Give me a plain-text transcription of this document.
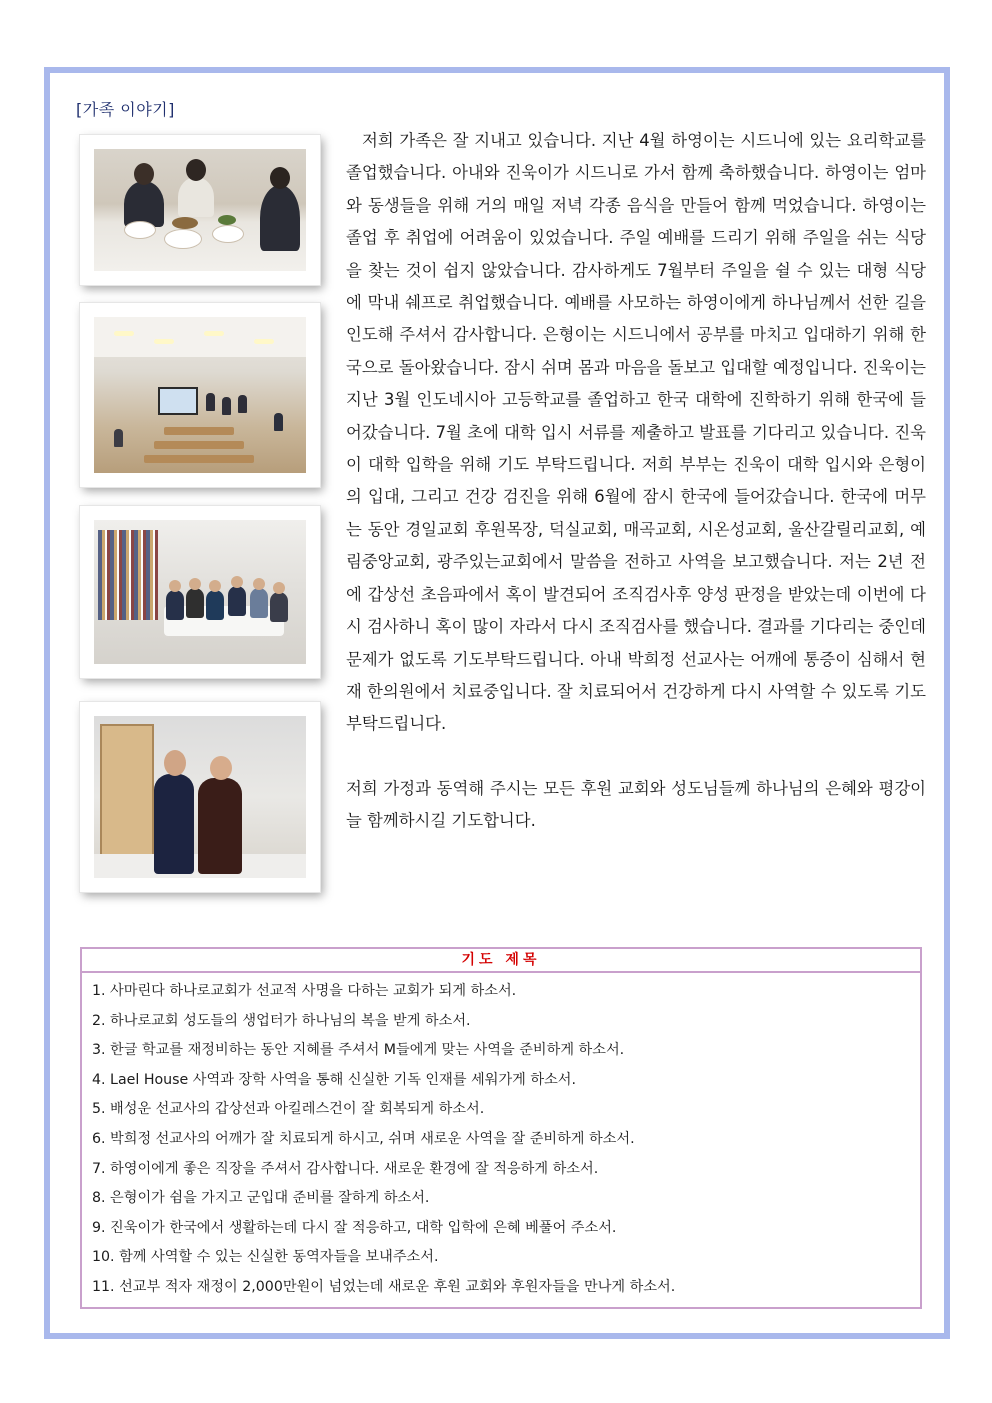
[가족 이야기]

저희 가족은 잘 지내고 있습니다. 지난 4월 하영이는 시드니에 있는 요리학교를 졸업했습니다. 아내와 진욱이가 시드니로 가서 함께 축하했습니다. 하영이는 엄마와 동생들을 위해 거의 매일 저녁 각종 음식을 만들어 함께 먹었습니다. 하영이는 졸업 후 취업에 어려움이 있었습니다. 주일 예배를 드리기 위해 주일을 쉬는 식당을 찾는 것이 쉽지 않았습니다. 감사하게도 7월부터 주일을 쉴 수 있는 대형 식당에 막내 쉐프로 취업했습니다. 예배를 사모하는 하영이에게 하나님께서 선한 길을 인도해 주셔서 감사합니다. 은형이는 시드니에서 공부를 마치고 입대하기 위해 한국으로 돌아왔습니다. 잠시 쉬며 몸과 마음을 돌보고 입대할 예정입니다. 진욱이는 지난 3월 인도네시아 고등학교를 졸업하고 한국 대학에 진학하기 위해 한국에 들어갔습니다. 7월 초에 대학 입시 서류를 제출하고 발표를 기다리고 있습니다. 진욱이 대학 입학을 위해 기도 부탁드립니다. 저희 부부는 진욱이 대학 입시와 은형이의 입대, 그리고 건강 검진을 위해 6월에 잠시 한국에 들어갔습니다. 한국에 머무는 동안 경일교회 후원목장, 덕실교회, 매곡교회, 시온성교회, 울산갈릴리교회, 예림중앙교회, 광주있는교회에서 말씀을 전하고 사역을 보고했습니다. 저는 2년 전에 갑상선 초음파에서 혹이 발견되어 조직검사후 양성 판정을 받았는데 이번에 다시 검사하니 혹이 많이 자라서 다시 조직검사를 했습니다. 결과를 기다리는 중인데 문제가 없도록 기도부탁드립니다. 아내 박희정 선교사는 어깨에 통증이 심해서 현재 한의원에서 치료중입니다. 잘 치료되어서 건강하게 다시 사역할 수 있도록 기도 부탁드립니다.

저희 가정과 동역해 주시는 모든 후원 교회와 성도님들께 하나님의 은혜와 평강이 늘 함께하시길 기도합니다.

기도 제목
1. 사마린다 하나로교회가 선교적 사명을 다하는 교회가 되게 하소서.
2. 하나로교회 성도들의 생업터가 하나님의 복을 받게 하소서.
3. 한글 학교를 재정비하는 동안 지혜를 주셔서 M들에게 맞는 사역을 준비하게 하소서.
4. Lael House 사역과 장학 사역을 통해 신실한 기독 인재를 세워가게 하소서.
5. 배성운 선교사의 갑상선과 아킬레스건이 잘 회복되게 하소서.
6. 박희정 선교사의 어깨가 잘 치료되게 하시고, 쉬며 새로운 사역을 잘 준비하게 하소서.
7. 하영이에게 좋은 직장을 주셔서 감사합니다. 새로운 환경에 잘 적응하게 하소서.
8. 은형이가 쉼을 가지고 군입대 준비를 잘하게 하소서.
9. 진욱이가 한국에서 생활하는데 다시 잘 적응하고, 대학 입학에 은혜 베풀어 주소서.
10. 함께 사역할 수 있는 신실한 동역자들을 보내주소서.
11. 선교부 적자 재정이 2,000만원이 넘었는데 새로운 후원 교회와 후원자들을 만나게 하소서.
